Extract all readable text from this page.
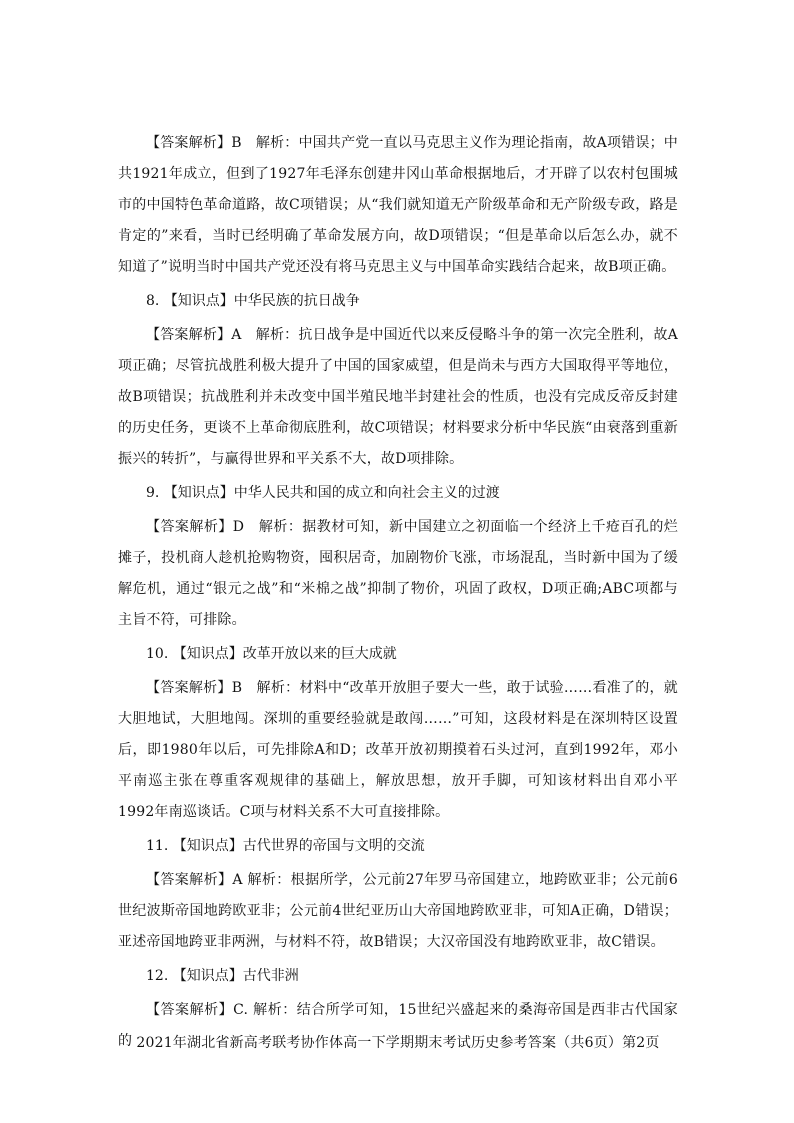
【答案解析】B　解析：中国共产党一直以马克思主义作为理论指南，故A项错误；中共1921年成立，但到了1927年毛泽东创建井冈山革命根据地后，才开辟了以农村包围城市的中国特色革命道路，故C项错误；从“我们就知道无产阶级革命和无产阶级专政，路是肯定的”来看，当时已经明确了革命发展方向，故D项错误；“但是革命以后怎么办，就不知道了”说明当时中国共产党还没有将马克思主义与中国革命实践结合起来，故B项正确。

8. 【知识点】中华民族的抗日战争

【答案解析】A　解析：抗日战争是中国近代以来反侵略斗争的第一次完全胜利，故A项正确；尽管抗战胜利极大提升了中国的国家威望，但是尚未与西方大国取得平等地位，故B项错误；抗战胜利并未改变中国半殖民地半封建社会的性质，也没有完成反帝反封建的历史任务，更谈不上革命彻底胜利，故C项错误；材料要求分析中华民族“由衰落到重新振兴的转折”，与赢得世界和平关系不大，故D项排除。

9. 【知识点】中华人民共和国的成立和向社会主义的过渡

【答案解析】D　解析：据教材可知，新中国建立之初面临一个经济上千疮百孔的烂摊子，投机商人趁机抢购物资，囤积居奇，加剧物价飞涨，市场混乱，当时新中国为了缓解危机，通过“银元之战”和“米棉之战”抑制了物价，巩固了政权，D项正确;ABC项都与主旨不符，可排除。

10. 【知识点】改革开放以来的巨大成就

【答案解析】B　解析：材料中“改革开放胆子要大一些，敢于试验……看准了的，就大胆地试，大胆地闯。深圳的重要经验就是敢闯……”可知，这段材料是在深圳特区设置后，即1980年以后，可先排除A和D；改革开放初期摸着石头过河，直到1992年，邓小平南巡主张在尊重客观规律的基础上，解放思想，放开手脚，可知该材料出自邓小平1992年南巡谈话。C项与材料关系不大可直接排除。

11. 【知识点】古代世界的帝国与文明的交流

【答案解析】A 解析：根据所学，公元前27年罗马帝国建立，地跨欧亚非；公元前6世纪波斯帝国地跨欧亚非；公元前4世纪亚历山大帝国地跨欧亚非，可知A正确，D错误；亚述帝国地跨亚非两洲，与材料不符，故B错误；大汉帝国没有地跨欧亚非，故C错误。

12. 【知识点】古代非洲

【答案解析】C. 解析：结合所学可知，15世纪兴盛起来的桑海帝国是西非古代国家的 2021年湖北省新高考联考协作体高一下学期期末考试历史参考答案（共6页）第2页
